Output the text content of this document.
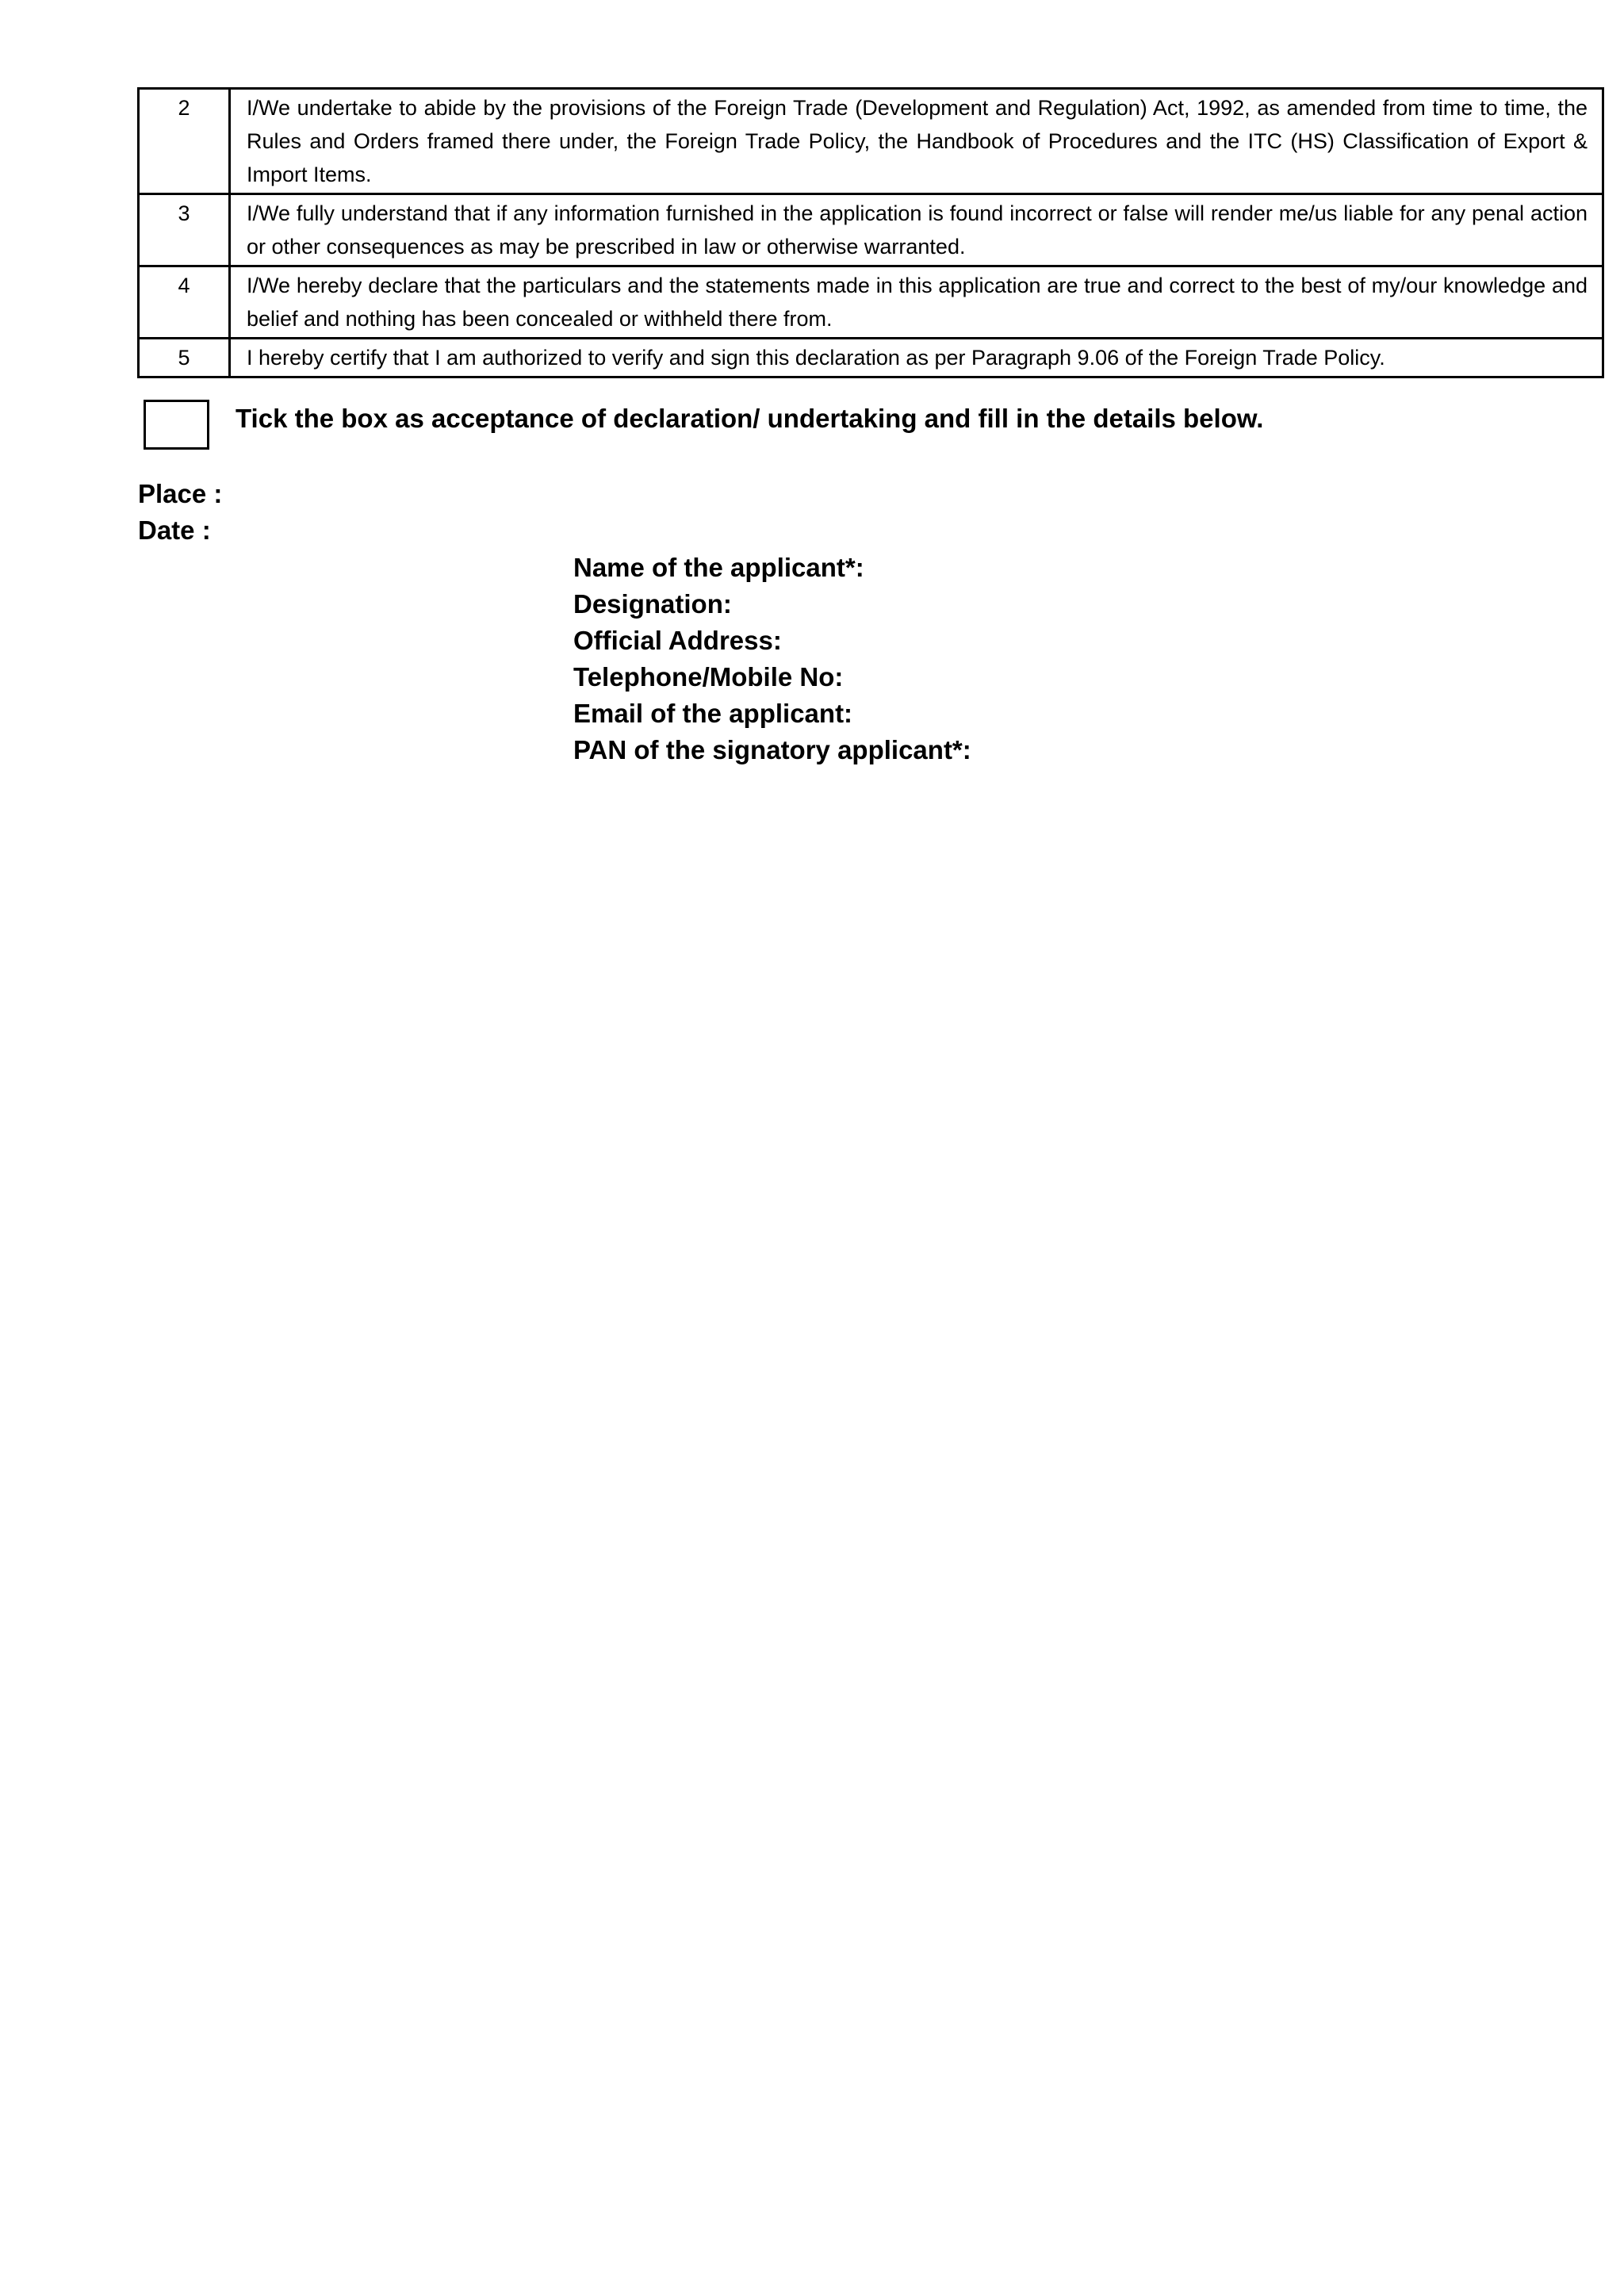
2	I/We undertake to abide by the provisions of the Foreign Trade (Development and Regulation) Act, 1992, as amended from time to time, the Rules and Orders framed there under, the Foreign Trade Policy, the Handbook of Procedures and the ITC (HS) Classification of Export & Import Items.
3	I/We fully understand that if any information furnished in the application is found incorrect or false will render me/us liable for any penal action or other consequences as may be prescribed in law or otherwise warranted.
4	I/We hereby declare that the particulars and the statements made in this application are true and correct to the best of my/our knowledge and belief and nothing has been concealed or withheld there from.
5	I hereby certify that I am authorized to verify and sign this declaration as per Paragraph 9.06 of the Foreign Trade Policy.
Tick the box as acceptance of declaration/ undertaking and fill in the details below.
Place :
Date :
Name of the applicant*:
Designation:
Official Address:
Telephone/Mobile No:
Email of the applicant:
PAN of the signatory applicant*:
